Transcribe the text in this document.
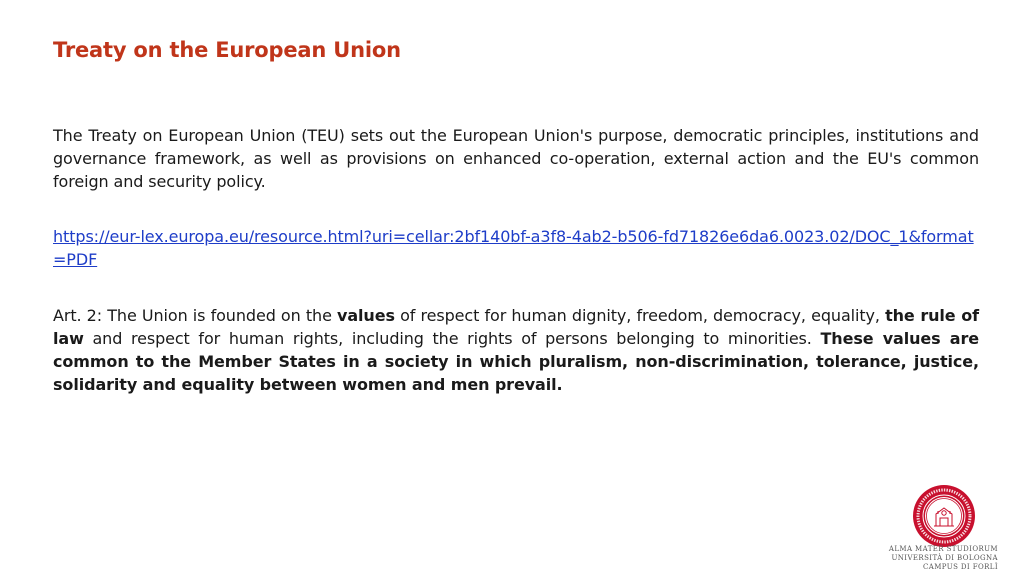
Treaty on the European Union

The Treaty on European Union (TEU) sets out the European Union's purpose, democratic principles, institutions and governance framework, as well as provisions on enhanced co-operation, external action and the EU's common foreign and security policy.

https://eur-lex.europa.eu/resource.html?uri=cellar:2bf140bf-a3f8-4ab2-b506-fd71826e6da6.0023.02/DOC_1&format=PDF

Art. 2: The Union is founded on the values of respect for human dignity, freedom, democracy, equality, the rule of law and respect for human rights, including the rights of persons belonging to minorities. These values are common to the Member States in a society in which pluralism, non-discrimination, tolerance, justice, solidarity and equality between women and men prevail.

ALMA MATER STUDIORUM
UNIVERSITÀ DI BOLOGNA
CAMPUS DI FORLÌ
